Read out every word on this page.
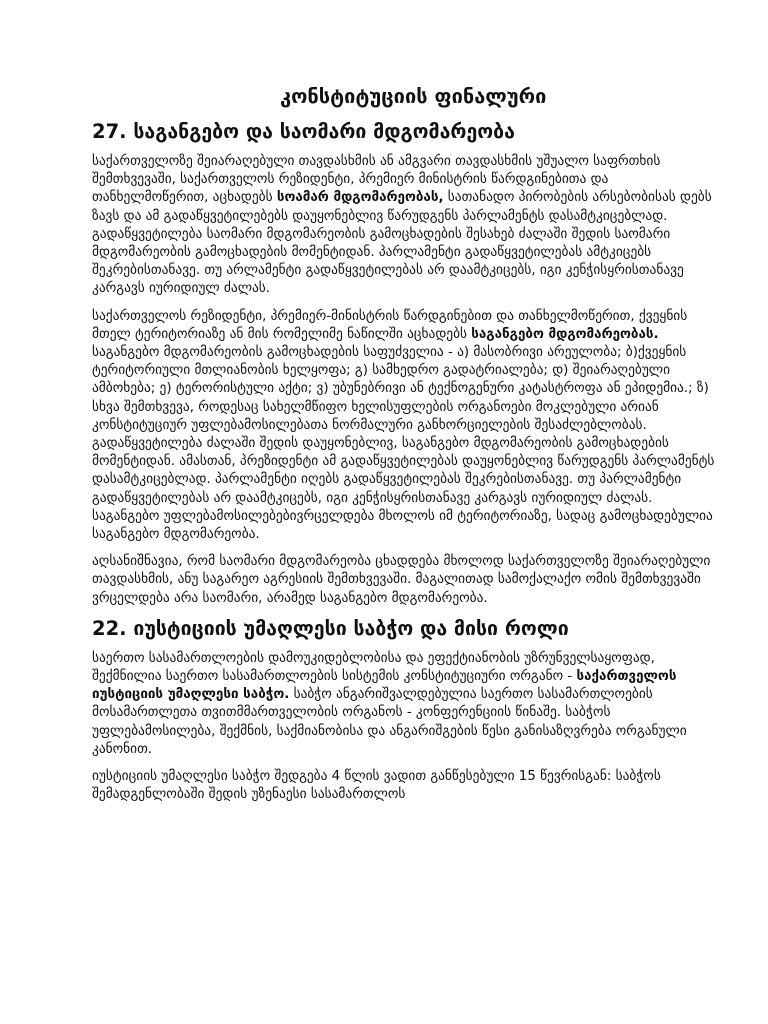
კონსტიტუციის ფინალური
27. საგანგებო და საომარი მდგომარეობა

საქართველოზე შეიარაღებული თავდასხმის ან ამგვარი თავდასხმის უშუალო საფრთხის შემთხვევაში, საქართველოს რეზიდენტი, პრემიერ მინისტრის წარდგინებითა და თანხელმოწერით, აცხადებს სოამარ მდგომარეობას, სათანადო პირობების არსებობისას დებს ზავს და ამ გადაწყვეტილებებს დაუყონებლივ წარუდგენს პარლამენტს დასამტკიცებლად. გადაწყვეტილება საომარი მდგომარეობის გამოცხადების შესახებ ძალაში შედის საომარი მდგომარეობის გამოცხადების მომენტიდან. პარლამენტი გადაწყვეტილებას ამტკიცებს შეკრებისთანავე. თუ არლამენტი გადაწყვეტილებას არ დაამტკიცებს, იგი კენჭისყრისთანავე კარგავს იურიდიულ ძალას.

საქართველოს რეზიდენტი, პრემიერ-მინისტრის წარდგინებით და თანხელმოწერით, ქვეყნის მთელ ტერიტორიაზე ან მის რომელიმე ნაწილში აცხადებს საგანგებო მდგომარეობას. საგანგებო მდგომარეობის გამოცხადების საფუძველია - ა) მასობრივი არეულობა; ბ)ქვეყნის ტერიტორიული მთლიანობის ხელყოფა; გ) სამხედრო გადატრიალება; დ) შეიარაღებული ამბოხება; ე) ტერორისტული აქტი; ვ) უბუნებრივი ან ტექნოგენური კატასტროფა ან ეპიდემია.; ზ) სხვა შემთხვევა, როდესაც სახელმწიფო ხელისუფლების ორგანოები მოკლებული არიან კონსტიტუციურ უფლებამოსილებათა ნორმალური განხორციელების შესაძლებლობას. გადაწყვეტილება ძალაში შედის დაუყონებლივ, საგანგებო მდგომარეობის გამოცხადების მომენტიდან. ამასთან, პრეზიდენტი ამ გადაწყვეტილებას დაუყონებლივ წარუდგენს პარლამენტს დასამტკიცებლად. პარლამენტი იღებს გადაწყვეტილებას შეკრებისთანავე. თუ პარლამენტი გადაწყვეტილებას არ დაამტკიცებს, იგი კენჭისყრისთანავე კარგავს იურიდიულ ძალას. საგანგებო უფლებამოსილებებივრცელდება მხოლოს იმ ტერიტორიაზე, სადაც გამოცხადებულია საგანგებო მდგომარეობა.

აღსანიშნავია, რომ საომარი მდგომარეობა ცხადდება მხოლოდ საქართველოზე შეიარაღებული თავდასხმის, ანუ საგარეო აგრესიის შემთხვევაში. მაგალითად სამოქალაქო ომის შემთხვევაში ვრცელდება არა საომარი, არამედ საგანგებო მდგომარეობა.

22. იუსტიციის უმაღლესი საბჭო და მისი როლი

საერთო სასამართლოების დამოუკიდებლობისა და ეფექტიანობის უზრუნველსაყოფად, შექმნილია საერთო სასამართლოების სისტემის კონსტიტუციური ორგანო - საქართველოს იუსტიციის უმაღლესი საბჭო. საბჭო ანგარიშვალდებულია საერთო სასამართლოების მოსამართლეთა თვითმმართველობის ორგანოს - კონფერენციის წინაშე. საბჭოს უფლებამოსილება, შექმნის, საქმიანობისა და ანგარიშგების წესი განისაზღვრება ორგანული კანონით.

იუსტიციის უმაღლესი საბჭო შედგება 4 წლის ვადით განწესებული 15 წევრისგან: საბჭოს შემადგენლობაში შედის უზენაესი სასამართლოს
